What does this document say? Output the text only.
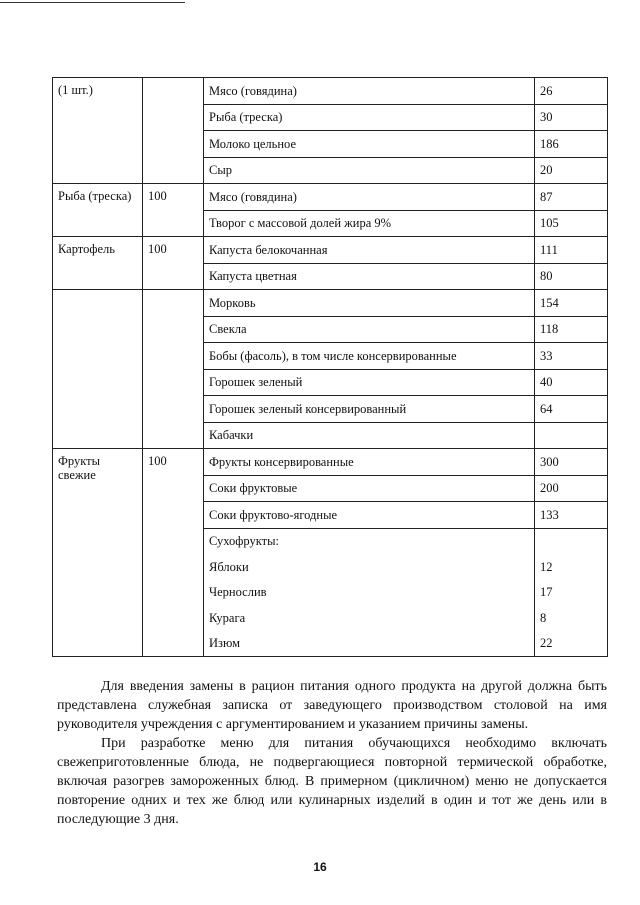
(1 шт.)		Мясо (говядина)	26
		Рыба (треска)	30
		Молоко цельное	186
		Сыр	20
Рыба (треска)	100	Мясо (говядина)	87
		Творог с массовой долей жира 9%	105
Картофель	100	Капуста белокочанная	111
		Капуста цветная	80
		Морковь	154
		Свекла	118
		Бобы (фасоль), в том числе консервированные	33
		Горошек зеленый	40
		Горошек зеленый консервированный	64
		Кабачки	
Фрукты свежие	100	Фрукты консервированные	300
		Соки фруктовые	200
		Соки фруктово-ягодные	133
		Сухофрукты:	
		Яблоки	12
		Чернослив	17
		Курага	8
		Изюм	22

Для введения замены в рацион питания одного продукта на другой должна быть представлена служебная записка от заведующего производством столовой на имя руководителя учреждения с аргументированием и указанием причины замены.

При разработке меню для питания обучающихся необходимо включать свежеприготовленные блюда, не подвергающиеся повторной термической обработке, включая разогрев замороженных блюд. В примерном (цикличном) меню не допускается повторение одних и тех же блюд или кулинарных изделий в один и тот же день или в последующие 3 дня.

16
